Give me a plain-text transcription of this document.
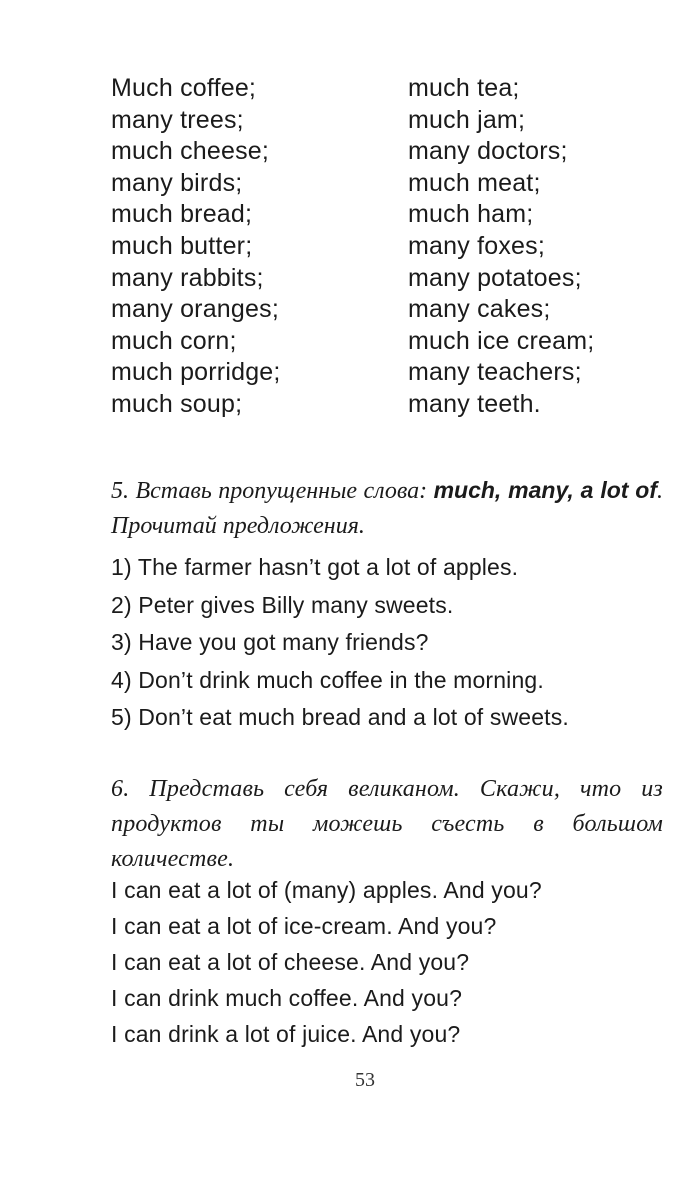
Much coffee;
many trees;
much cheese;
many birds;
much bread;
much butter;
many rabbits;
many oranges;
much corn;
much porridge;
much soup;
much tea;
much jam;
many doctors;
much meat;
much ham;
many foxes;
many potatoes;
many cakes;
much ice cream;
many teachers;
many teeth.

5. Вставь пропущенные слова: much, many, a lot of. Прочитай предложения.

1) The farmer hasn’t got a lot of apples.
2) Peter gives Billy many sweets.
3) Have you got many friends?
4) Don’t drink much coffee in the morning.
5) Don’t eat much bread and a lot of sweets.

6. Представь себя великаном. Скажи, что из продуктов ты можешь съесть в большом количестве.

I can eat a lot of (many) apples. And you?
I can eat a lot of ice-cream. And you?
I can eat a lot of cheese. And you?
I can drink much coffee. And you?
I can drink a lot of juice. And you?
53
